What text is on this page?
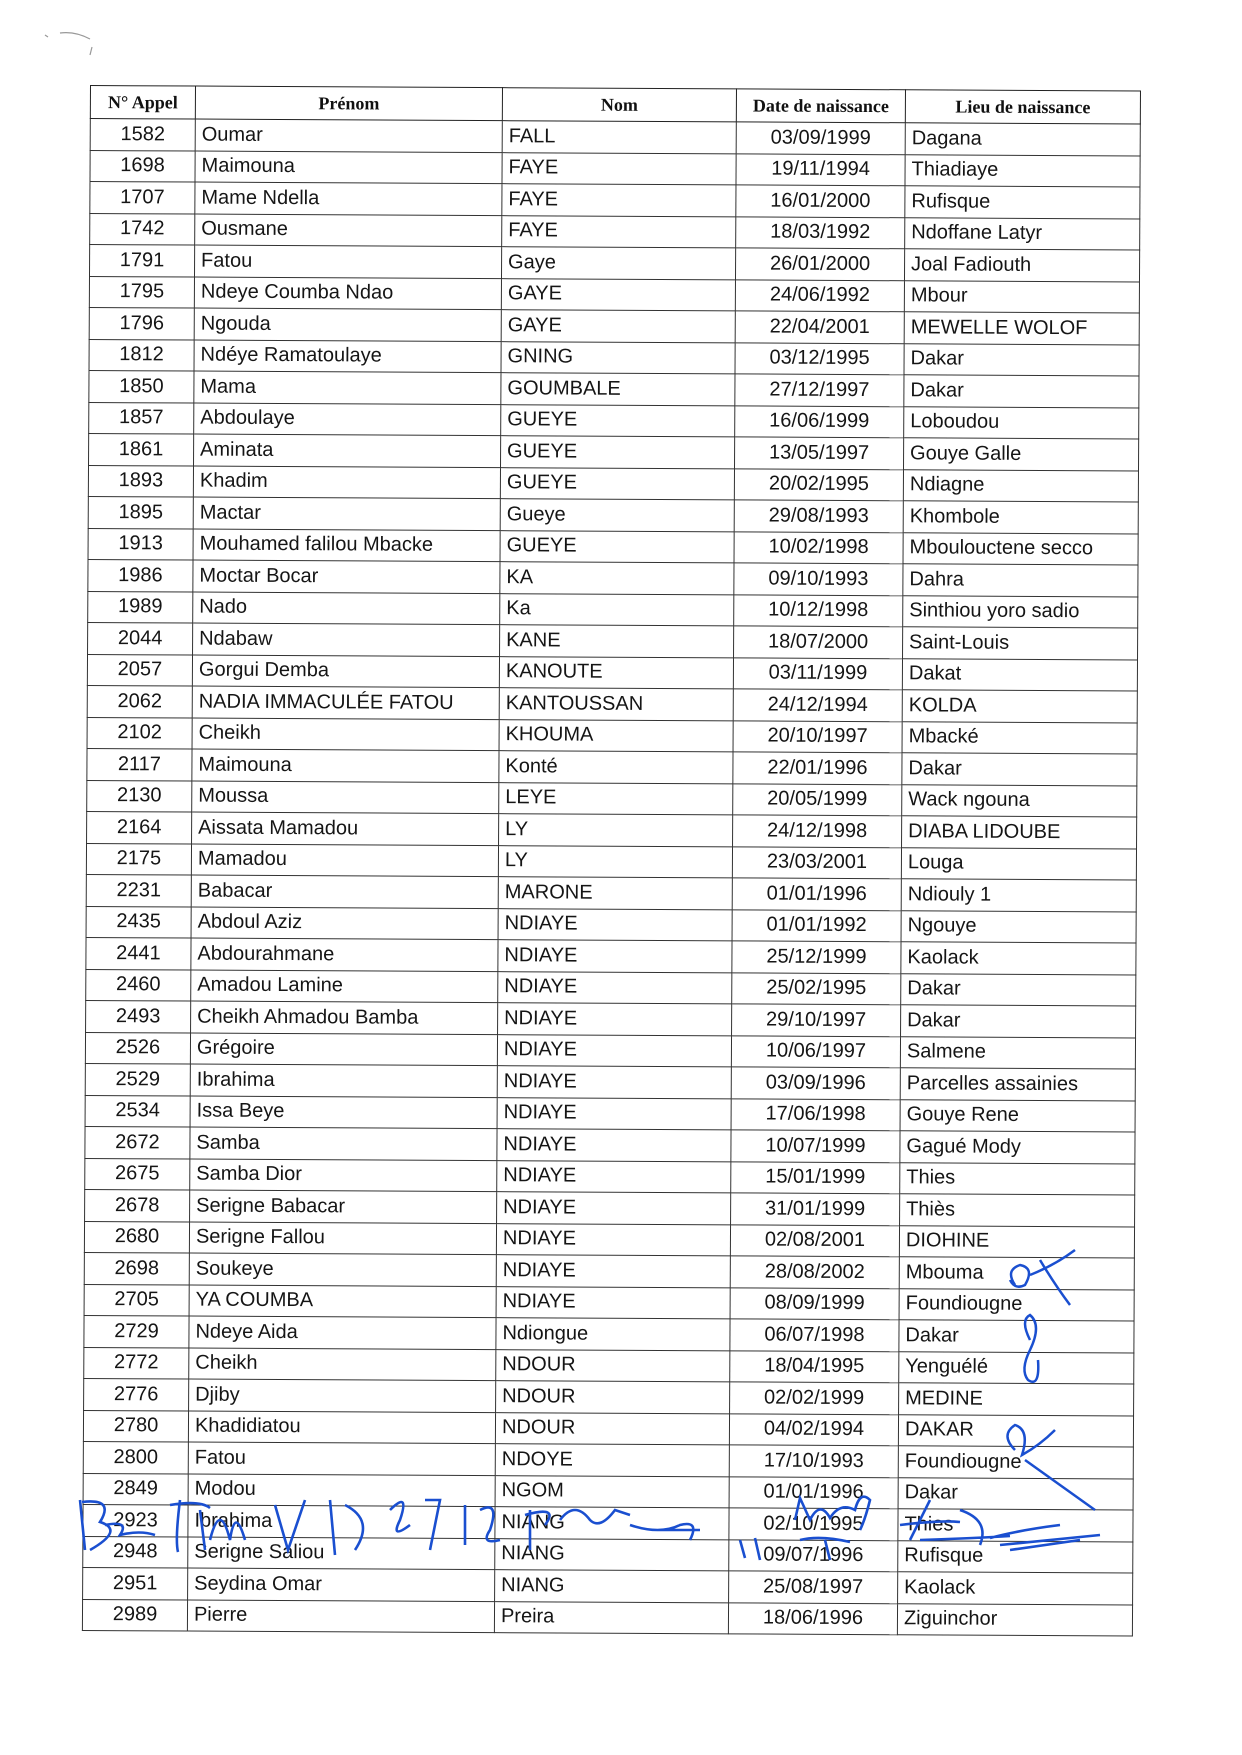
N° Appel	Prénom	Nom	Date de naissance	Lieu de naissance
1582	Oumar	FALL	03/09/1999	Dagana
1698	Maimouna	FAYE	19/11/1994	Thiadiaye
1707	Mame Ndella	FAYE	16/01/2000	Rufisque
1742	Ousmane	FAYE	18/03/1992	Ndoffane Latyr
1791	Fatou	Gaye	26/01/2000	Joal Fadiouth
1795	Ndeye Coumba Ndao	GAYE	24/06/1992	Mbour
1796	Ngouda	GAYE	22/04/2001	MEWELLE WOLOF
1812	Ndéye Ramatoulaye	GNING	03/12/1995	Dakar
1850	Mama	GOUMBALE	27/12/1997	Dakar
1857	Abdoulaye	GUEYE	16/06/1999	Loboudou
1861	Aminata	GUEYE	13/05/1997	Gouye Galle
1893	Khadim	GUEYE	20/02/1995	Ndiagne
1895	Mactar	Gueye	29/08/1993	Khombole
1913	Mouhamed falilou Mbacke	GUEYE	10/02/1998	Mboulouctene secco
1986	Moctar Bocar	KA	09/10/1993	Dahra
1989	Nado	Ka	10/12/1998	Sinthiou yoro sadio
2044	Ndabaw	KANE	18/07/2000	Saint-Louis
2057	Gorgui Demba	KANOUTE	03/11/1999	Dakat
2062	NADIA IMMACULÉE FATOU	KANTOUSSAN	24/12/1994	KOLDA
2102	Cheikh	KHOUMA	20/10/1997	Mbacké
2117	Maimouna	Konté	22/01/1996	Dakar
2130	Moussa	LEYE	20/05/1999	Wack ngouna
2164	Aissata Mamadou	LY	24/12/1998	DIABA LIDOUBE
2175	Mamadou	LY	23/03/2001	Louga
2231	Babacar	MARONE	01/01/1996	Ndiouly 1
2435	Abdoul Aziz	NDIAYE	01/01/1992	Ngouye
2441	Abdourahmane	NDIAYE	25/12/1999	Kaolack
2460	Amadou Lamine	NDIAYE	25/02/1995	Dakar
2493	Cheikh Ahmadou Bamba	NDIAYE	29/10/1997	Dakar
2526	Grégoire	NDIAYE	10/06/1997	Salmene
2529	Ibrahima	NDIAYE	03/09/1996	Parcelles assainies
2534	Issa Beye	NDIAYE	17/06/1998	Gouye Rene
2672	Samba	NDIAYE	10/07/1999	Gagué Mody
2675	Samba Dior	NDIAYE	15/01/1999	Thies
2678	Serigne Babacar	NDIAYE	31/01/1999	Thiès
2680	Serigne Fallou	NDIAYE	02/08/2001	DIOHINE
2698	Soukeye	NDIAYE	28/08/2002	Mbouma
2705	YA COUMBA	NDIAYE	08/09/1999	Foundiougne
2729	Ndeye Aida	Ndiongue	06/07/1998	Dakar
2772	Cheikh	NDOUR	18/04/1995	Yenguélé
2776	Djiby	NDOUR	02/02/1999	MEDINE
2780	Khadidiatou	NDOUR	04/02/1994	DAKAR
2800	Fatou	NDOYE	17/10/1993	Foundiougne
2849	Modou	NGOM	01/01/1996	Dakar
2923	Ibrahima	NIANG	02/10/1995	Thies
2948	Serigne Saliou	NIANG	09/07/1996	Rufisque
2951	Seydina Omar	NIANG	25/08/1997	Kaolack
2989	Pierre	Preira	18/06/1996	Ziguinchor
